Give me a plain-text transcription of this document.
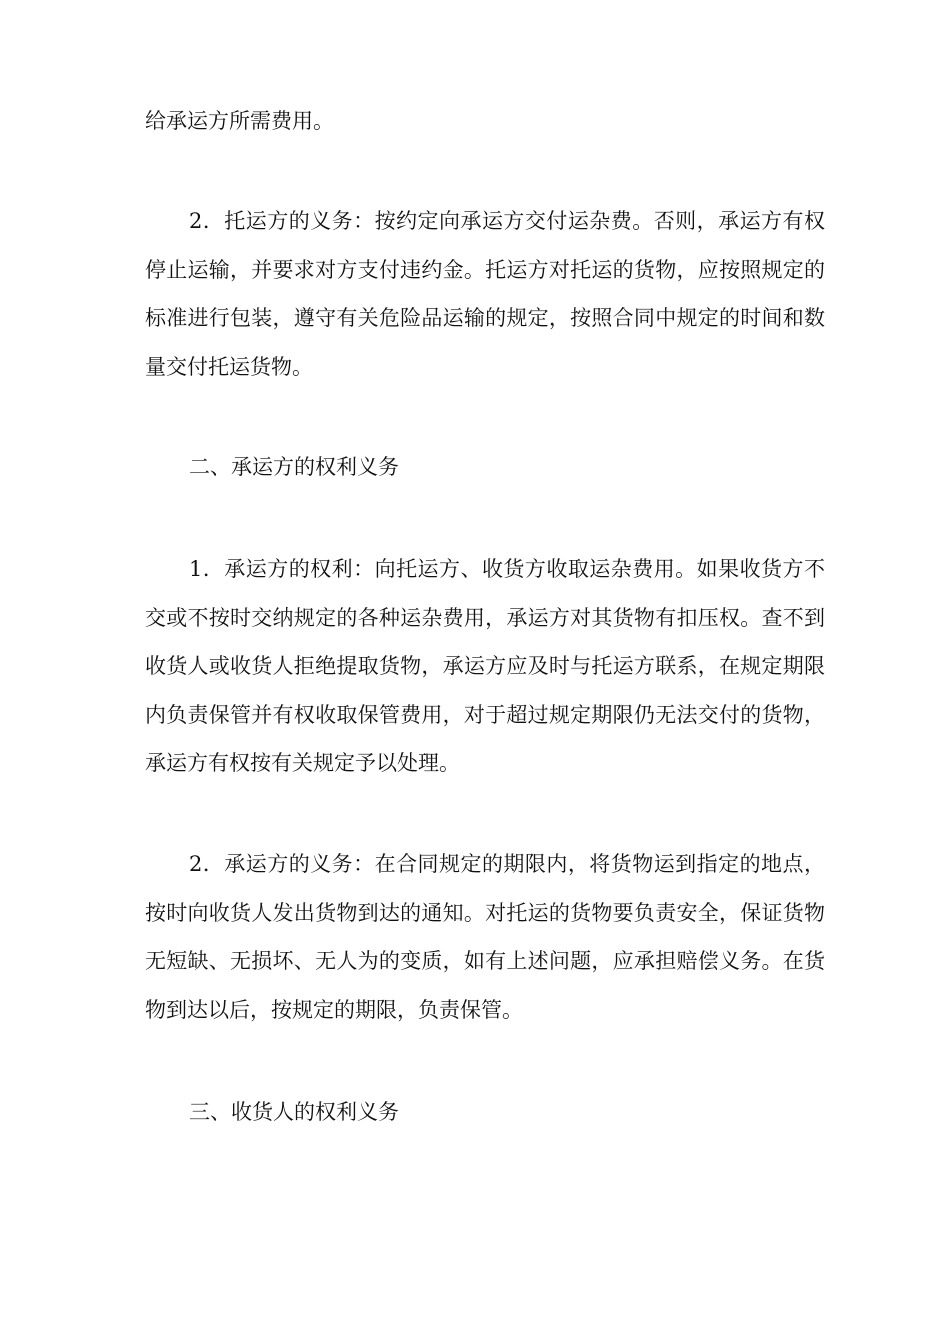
给承运方所需费用。

2．托运方的义务：按约定向承运方交付运杂费。否则，承运方有权停止运输，并要求对方支付违约金。托运方对托运的货物，应按照规定的标准进行包装，遵守有关危险品运输的规定，按照合同中规定的时间和数量交付托运货物。

二、承运方的权利义务

1．承运方的权利：向托运方、收货方收取运杂费用。如果收货方不交或不按时交纳规定的各种运杂费用，承运方对其货物有扣压权。查不到收货人或收货人拒绝提取货物，承运方应及时与托运方联系，在规定期限内负责保管并有权收取保管费用，对于超过规定期限仍无法交付的货物，承运方有权按有关规定予以处理。

2．承运方的义务：在合同规定的期限内，将货物运到指定的地点，按时向收货人发出货物到达的通知。对托运的货物要负责安全，保证货物无短缺、无损坏、无人为的变质，如有上述问题，应承担赔偿义务。在货物到达以后，按规定的期限，负责保管。

三、收货人的权利义务
